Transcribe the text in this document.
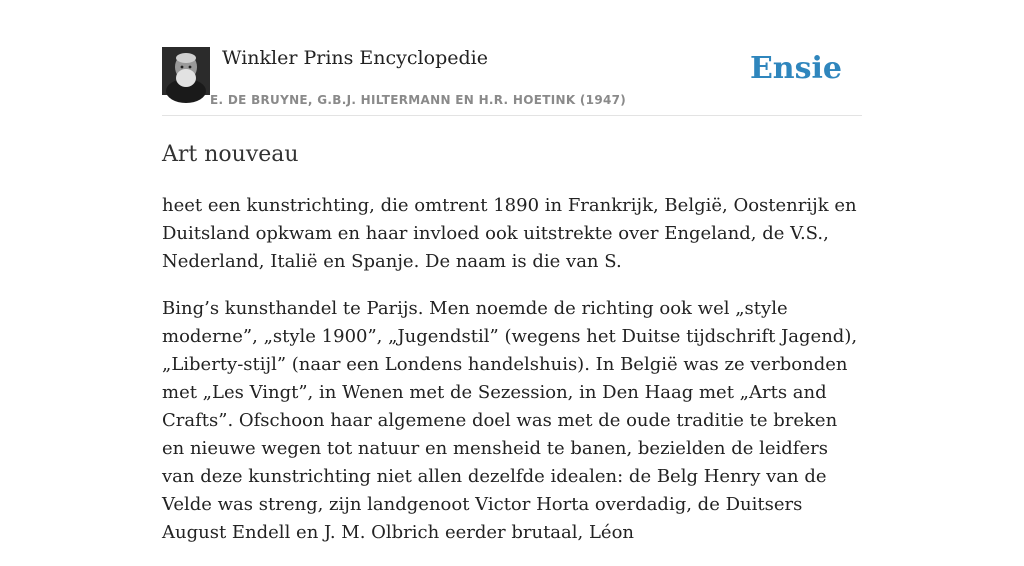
Winkler Prins Encyclopedie
E. DE BRUYNE, G.B.J. HILTERMANN EN H.R. HOETINK (1947)
Ensie
Art nouveau

heet een kunstrichting, die omtrent 1890 in Frankrijk, België, Oostenrijk en Duitsland opkwam en haar invloed ook uitstrekte over Engeland, de V.S., Nederland, Italië en Spanje. De naam is die van S.

Bing’s kunsthandel te Parijs. Men noemde de richting ook wel „style moderne”, „style 1900”, „Jugendstil” (wegens het Duitse tijdschrift Jagend), „Liberty-stijl” (naar een Londens handelshuis). In België was ze verbonden met „Les Vingt”, in Wenen met de Sezession, in Den Haag met „Arts and Crafts”. Ofschoon haar algemene doel was met de oude traditie te breken en nieuwe wegen tot natuur en mensheid te banen, bezielden de leidfers van deze kunstrichting niet allen dezelfde idealen: de Belg Henry van de Velde was streng, zijn landgenoot Victor Horta overdadig, de Duitsers August Endell en J. M. Olbrich eerder brutaal, Léon
